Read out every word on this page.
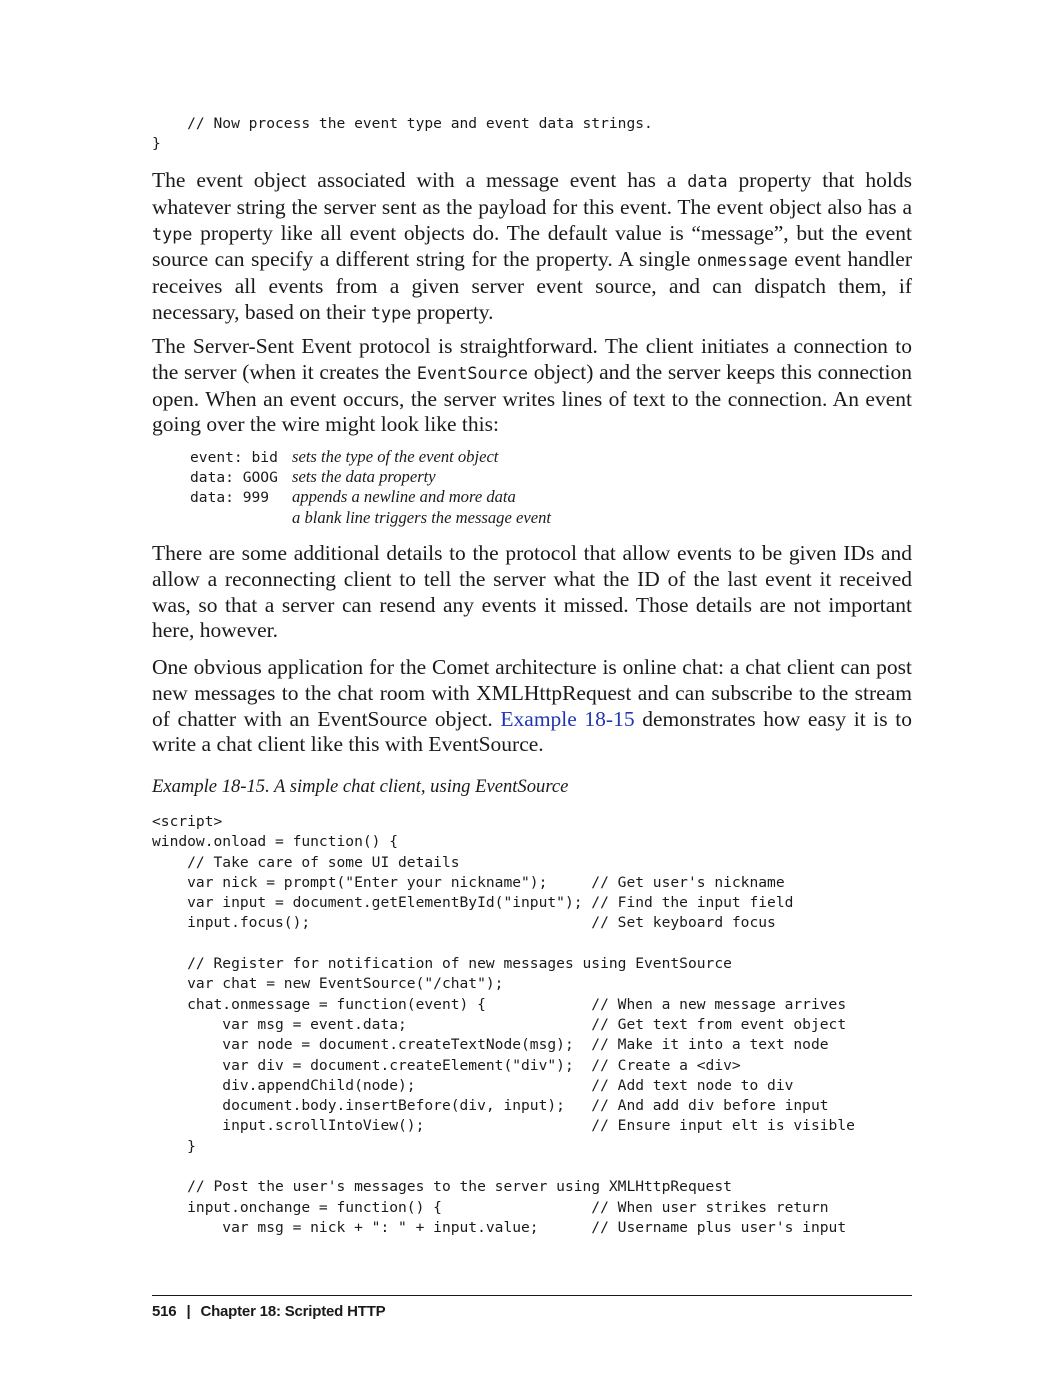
// Now process the event type and event data strings.
}

The event object associated with a message event has a data property that holds whatever string the server sent as the payload for this event. The event object also has a type property like all event objects do. The default value is “message”, but the event source can specify a different string for the property. A single onmessage event handler receives all events from a given server event source, and can dispatch them, if necessary, based on their type property.

The Server-Sent Event protocol is straightforward. The client initiates a connection to the server (when it creates the EventSource object) and the server keeps this connection open. When an event occurs, the server writes lines of text to the connection. An event going over the wire might look like this:

event: bid sets the type of the event object
data: GOOG sets the data property
data: 999	appends a newline and more data
a blank line triggers the message event

There are some additional details to the protocol that allow events to be given IDs and allow a reconnecting client to tell the server what the ID of the last event it received was, so that a server can resend any events it missed. Those details are not important here, however.

One obvious application for the Comet architecture is online chat: a chat client can post new messages to the chat room with XMLHttpRequest and can subscribe to the stream of chatter with an EventSource object. Example 18-15 demonstrates how easy it is to write a chat client like this with EventSource.

Example 18-15. A simple chat client, using EventSource
<script>
window.onload = function() {
// Take care of some UI details
var nick = prompt("Enter your nickname");     // Get user's nickname
var input = document.getElementById("input"); // Find the input field
input.focus();                                // Set keyboard focus

// Register for notification of new messages using EventSource
var chat = new EventSource("/chat");
chat.onmessage = function(event) {            // When a new message arrives
var msg = event.data;                     // Get text from event object
var node = document.createTextNode(msg);  // Make it into a text node
var div = document.createElement("div");  // Create a <div>
div.appendChild(node);                    // Add text node to div
document.body.insertBefore(div, input);   // And add div before input
input.scrollIntoView();                   // Ensure input elt is visible
}

// Post the user's messages to the server using XMLHttpRequest
input.onchange = function() {                 // When user strikes return
var msg = nick + ": " + input.value;      // Username plus user's input
516 | Chapter 18: Scripted HTTP
